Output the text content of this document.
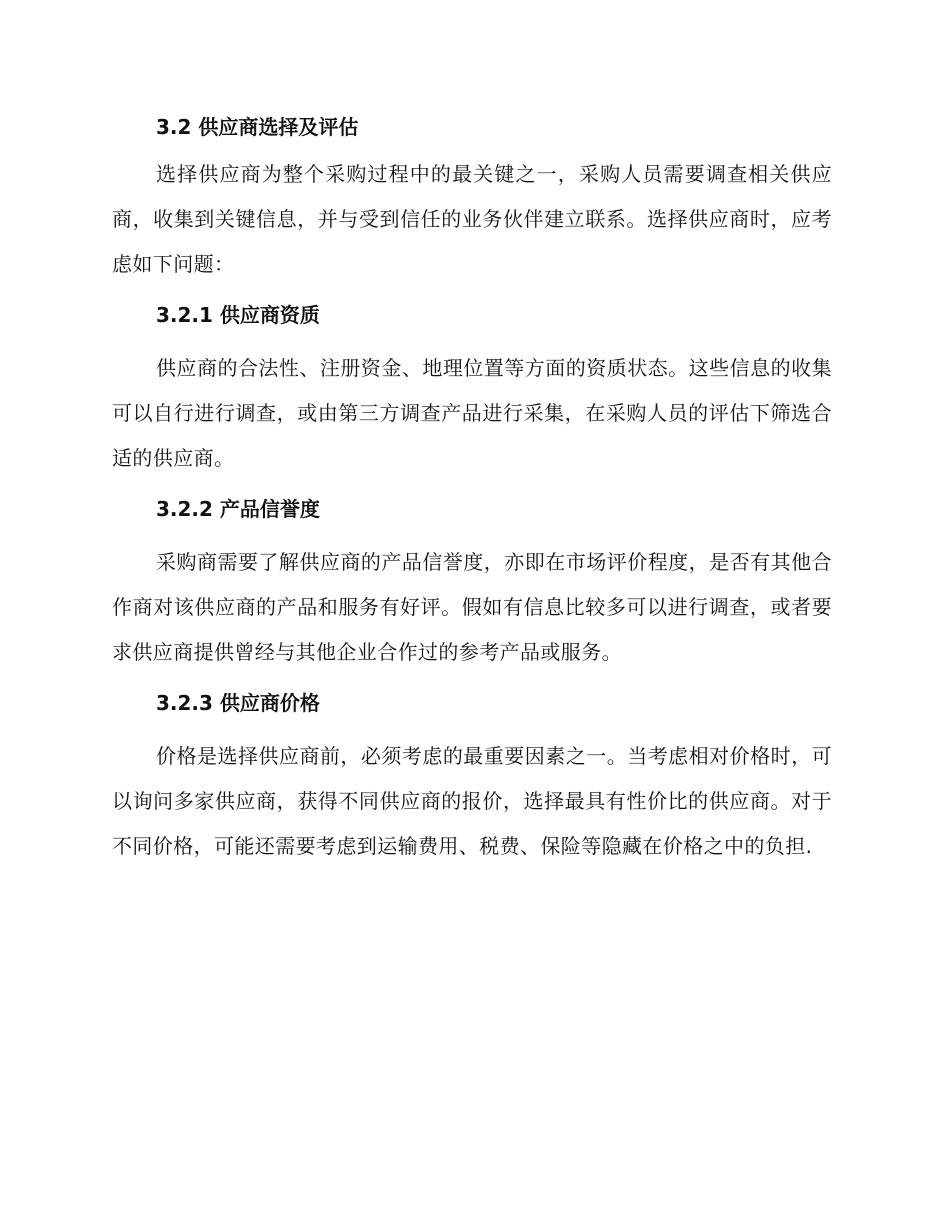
3.2 供应商选择及评估

选择供应商为整个采购过程中的最关键之一，采购人员需要调查相关供应商，收集到关键信息，并与受到信任的业务伙伴建立联系。选择供应商时，应考虑如下问题：

3.2.1 供应商资质

供应商的合法性、注册资金、地理位置等方面的资质状态。这些信息的收集可以自行进行调查，或由第三方调查产品进行采集，在采购人员的评估下筛选合适的供应商。

3.2.2 产品信誉度

采购商需要了解供应商的产品信誉度，亦即在市场评价程度，是否有其他合作商对该供应商的产品和服务有好评。假如有信息比较多可以进行调查，或者要求供应商提供曾经与其他企业合作过的参考产品或服务。

3.2.3 供应商价格

价格是选择供应商前，必须考虑的最重要因素之一。当考虑相对价格时，可以询问多家供应商，获得不同供应商的报价，选择最具有性价比的供应商。对于不同价格，可能还需要考虑到运输费用、税费、保险等隐藏在价格之中的负担.
